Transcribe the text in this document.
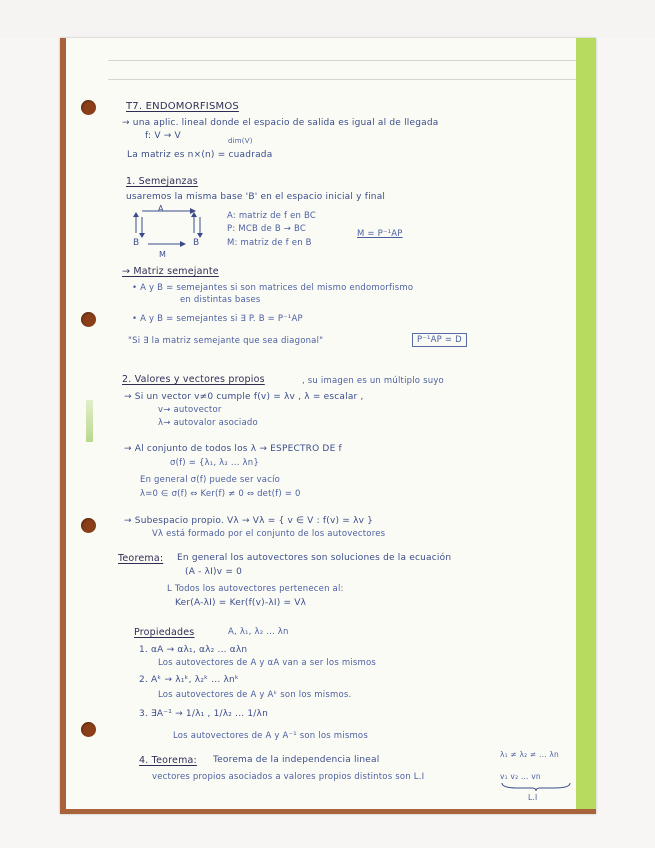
T7. ENDOMORFISMOS
→ una aplic. lineal donde el espacio de salida es igual al de llegada
f: V → V	dim(V)
La matriz es n×(n) = cuadrada
1. Semejanzas
usaremos la misma base 'B' en el espacio inicial y final
A
B	B
M
A: matriz de f en BC
P: MCB de B → BC
M: matriz de f en B
M = P⁻¹AP
→ Matriz semejante
• A y B = semejantes si son matrices del mismo endomorfismo
en distintas bases
• A y B = semejantes si ∃ P. B = P⁻¹AP
"Si ∃ la matriz semejante que sea diagonal"	P⁻¹AP = D
2. Valores y vectores propios	, su imagen es un múltiplo suyo
→ Si un vector v≠0 cumple f(v) = λv , λ = escalar ,
v→ autovector
λ→ autovalor asociado
→ Al conjunto de todos los λ → ESPECTRO DE f
σ(f) = {λ₁, λ₂ ... λn}
En general σ(f) puede ser vacío
λ=0 ∈ σ(f) ⇔ Ker(f) ≠ 0 ⇔ det(f) = 0
→ Subespacio propio. Vλ → Vλ = { v ∈ V : f(v) = λv }
Vλ está formado por el conjunto de los autovectores
Teorema: En general los autovectores son soluciones de la ecuación
(A - λI)v = 0
L Todos los autovectores pertenecen al:
Ker(A-λI) = Ker(f(v)-λI) = Vλ
Propiedades	A, λ₁, λ₂ ... λn
1. αA → αλ₁, αλ₂ ... αλn
Los autovectores de A y αA van a ser los mismos
2. Aᵏ → λ₁ᵏ, λ₂ᵏ ... λnᵏ
Los autovectores de A y Aᵏ son los mismos.
3. ∃A⁻¹ → 1/λ₁ , 1/λ₂ ... 1/λn
Los autovectores de A y A⁻¹ son los mismos
4. Teorema: Teorema de la independencia lineal
vectores propios asociados a valores propios distintos son L.I
λ₁ ≠ λ₂ ≠ ... λn
v₁ v₂ ... vn
L.I
